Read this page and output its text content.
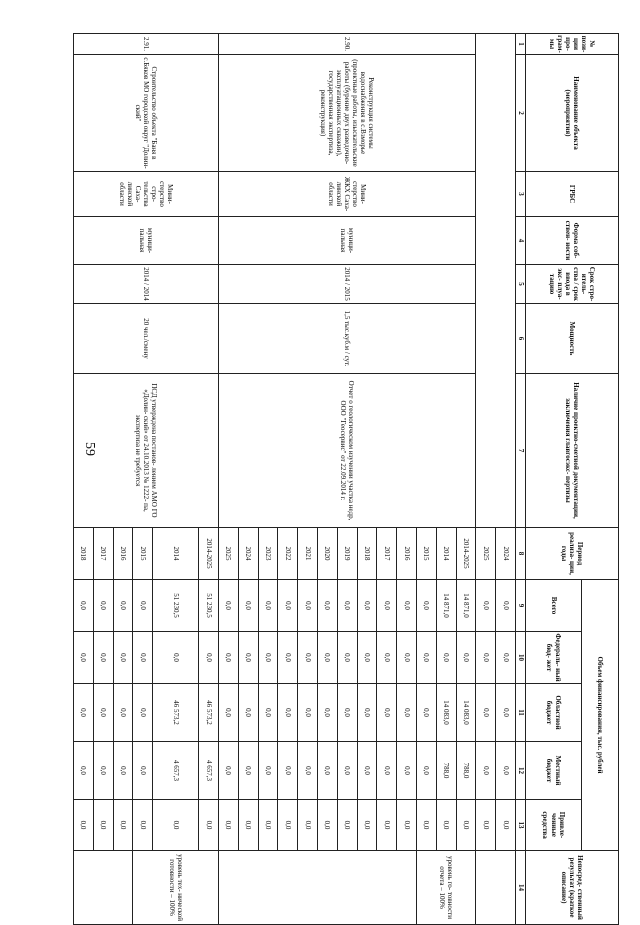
59
№ пози- ции про- грам- мы	Наименование объекта (мероприятия)	ГРБС	Форма соб- ствен- ности	Срок стро- итель- ства / срок ввода в экс- плуа- тацию	Мощность	Наличие проектно-сметной документации, заключения главгосэкс- пертизы	Период реализа- ции, годы	Объем финансирования, тыс. рублей					Непосред- ственный результат (краткое описание)
								Всего	Федераль- ный бюд- жет	Областной бюджет	Местный бюджет	Привле- ченные средства	
1	2	3	4	5	6	7	8	9	10	11	12	13	14
							2024	0,0	0,0	0,0	0,0	0,0	
							2025	0,0	0,0	0,0	0,0	0,0	
2.90.	Реконструкция системы водоснабжения в с.Взморье (проектные работы, изыскательские работы (бурение двух разведочно-эксплуатационных скважин), государственная экспертиза, реконструкция)	Мини- стерство ЖКХ Саха- линской области	муници- пальная	2014 / 2015	1,5 тыс.куб.м / сут.	Отчет о геологическом изучении участка недр, ООО "Геосервис" от 22.09.2014 г.	2014-2025	14 871,0	0,0	14 083,0	788,0	0,0	уровень го- товности отчета – 100%
							2014	14 871,0	0,0	14 083,0	788,0	0,0	
							2015	0,0	0,0	0,0	0,0	0,0	
							2016	0,0	0,0	0,0	0,0	0,0	
							2017	0,0	0,0	0,0	0,0	0,0	
							2018	0,0	0,0	0,0	0,0	0,0	
							2019	0,0	0,0	0,0	0,0	0,0	
							2020	0,0	0,0	0,0	0,0	0,0	
							2021	0,0	0,0	0,0	0,0	0,0	
							2022	0,0	0,0	0,0	0,0	0,0	
							2023	0,0	0,0	0,0	0,0	0,0	
							2024	0,0	0,0	0,0	0,0	0,0	
							2025	0,0	0,0	0,0	0,0	0,0	
2.91.	Строительство объекта "Баня в с.Бяков МО городской округ "Долин- ский"	Мини- стерство стро- тельства Саха- линской области	муници- пальная	2014 / 2014	20 чел./смену	ПСД утверждена постанов- лением АМО ГО «Долин- ский» от 24.10.2013 № 1222- па, экспертиза не требуется	2014-2025	51 230,5	0,0	46 573,2	4 657,3	0,0	уровень тех- нической готовности – 100%
							2014	51 230,5	0,0	46 573,2	4 657,3	0,0	
							2015	0,0	0,0	0,0	0,0	0,0	
							2016	0,0	0,0	0,0	0,0	0,0	
							2017	0,0	0,0	0,0	0,0	0,0	
							2018	0,0	0,0	0,0	0,0	0,0	
